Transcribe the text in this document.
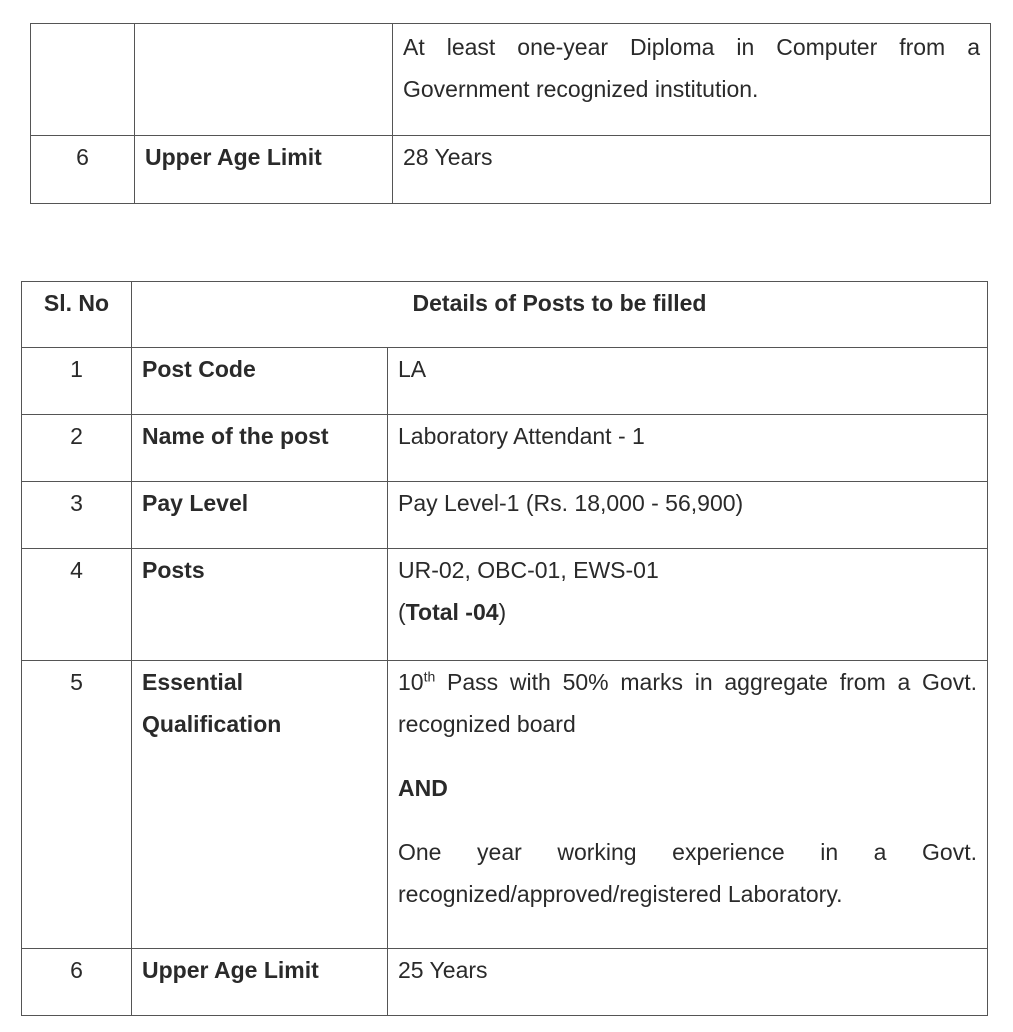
		At least one-year Diploma in Computer from a Government recognized institution.

6	Upper Age Limit	28 Years
Sl. No	Details of Posts to be filled	

1	Post Code	LA

2	Name of the post	Laboratory Attendant - 1

3	Pay Level	Pay Level-1 (Rs. 18,000 - 56,900)

4	Posts	UR-02, OBC-01, EWS-01
(Total -04)

5	Essential Qualification	10th Pass with 50% marks in aggregate from a Govt. recognized board
AND
One year working experience in a Govt. recognized/approved/registered Laboratory.

6	Upper Age Limit	25 Years
